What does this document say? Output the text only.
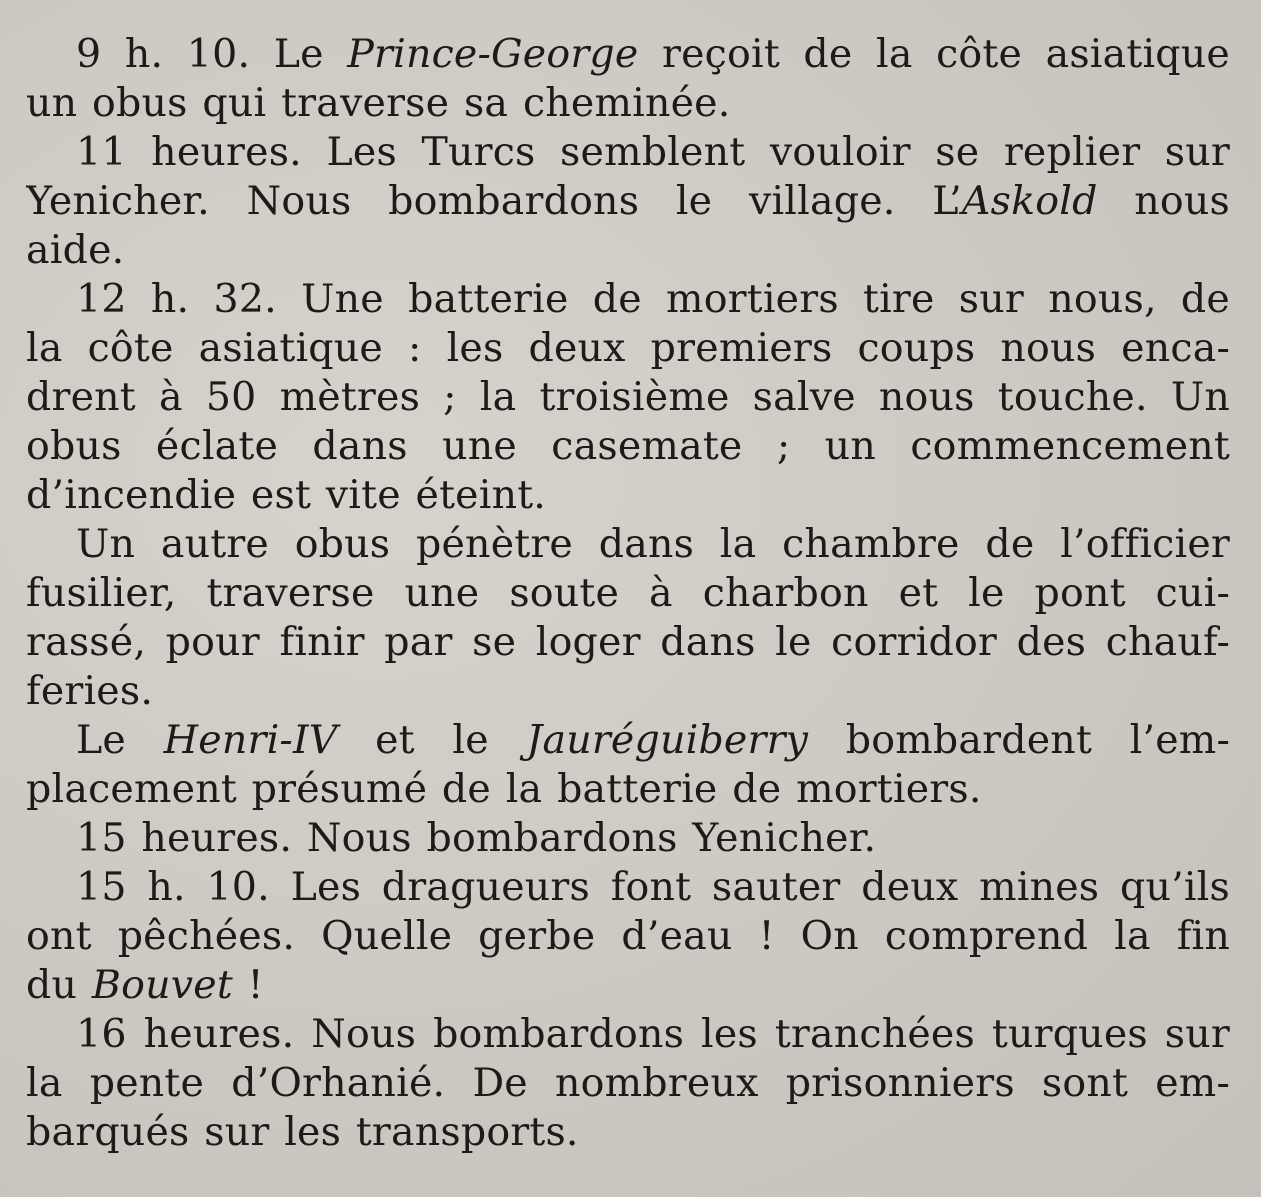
9 h. 10. Le Prince-George reçoit de la côte asiatique
un obus qui traverse sa cheminée.
11 heures. Les Turcs semblent vouloir se replier sur
Yenicher. Nous bombardons le village. L’Askold nous
aide.
12 h. 32. Une batterie de mortiers tire sur nous, de
la côte asiatique : les deux premiers coups nous enca-
drent à 50 mètres ; la troisième salve nous touche. Un
obus éclate dans une casemate ; un commencement
d’incendie est vite éteint.
Un autre obus pénètre dans la chambre de l’officier
fusilier, traverse une soute à charbon et le pont cui-
rassé, pour finir par se loger dans le corridor des chauf-
feries.
Le Henri-IV et le Jauréguiberry bombardent l’em-
placement présumé de la batterie de mortiers.
15 heures. Nous bombardons Yenicher.
15 h. 10. Les dragueurs font sauter deux mines qu’ils
ont pêchées. Quelle gerbe d’eau ! On comprend la fin
du Bouvet !
16 heures. Nous bombardons les tranchées turques sur
la pente d’Orhanié. De nombreux prisonniers sont em-
barqués sur les transports.
